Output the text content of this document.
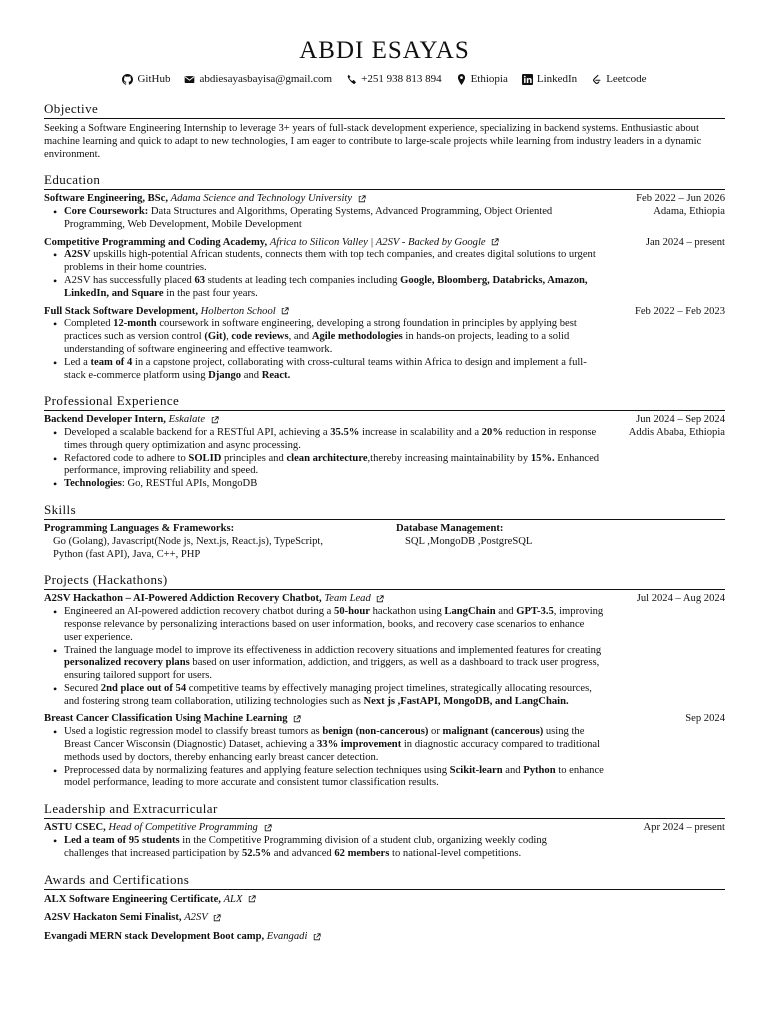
ABDI ESAYAS
GitHub	abdiesayasbayisa@gmail.com	+251 938 813 894	Ethiopia	LinkedIn	Leetcode
Objective
Seeking a Software Engineering Internship to leverage 3+ years of full-stack development experience, specializing in backend systems. Enthusiastic about machine learning and quick to adapt to new technologies, I am eager to contribute to large-scale projects while learning from industry leaders in a dynamic environment.
Education
Software Engineering, BSc, Adama Science and Technology University	Feb 2022 – Jun 2026
Adama, Ethiopia
• Core Coursework: Data Structures and Algorithms, Operating Systems, Advanced Programming, Object Oriented Programming, Web Development, Mobile Development
Competitive Programming and Coding Academy, Africa to Silicon Valley | A2SV - Backed by Google	Jan 2024 – present
• A2SV upskills high-potential African students, connects them with top tech companies, and creates digital solutions to urgent problems in their home countries.
• A2SV has successfully placed 63 students at leading tech companies including Google, Bloomberg, Databricks, Amazon, LinkedIn, and Square in the past four years.
Full Stack Software Development, Holberton School	Feb 2022 – Feb 2023
• Completed 12-month coursework in software engineering, developing a strong foundation in principles by applying best practices such as version control (Git), code reviews, and Agile methodologies in hands-on projects, leading to a solid understanding of software engineering and effective teamwork.
• Led a team of 4 in a capstone project, collaborating with cross-cultural teams within Africa to design and implement a full-stack e-commerce platform using Django and React.
Professional Experience
Backend Developer Intern, Eskalate	Jun 2024 – Sep 2024
Addis Ababa, Ethiopia
• Developed a scalable backend for a RESTful API, achieving a 35.5% increase in scalability and a 20% reduction in response times through query optimization and async processing.
• Refactored code to adhere to SOLID principles and clean architecture,thereby increasing maintainability by 15%. Enhanced performance, improving reliability and speed.
• Technologies: Go, RESTful APIs, MongoDB
Skills
Programming Languages & Frameworks:
Go (Golang), Javascript(Node js, Next.js, React.js), TypeScript,
Python (fast API), Java, C++, PHP
Database Management:
SQL ,MongoDB ,PostgreSQL
Projects (Hackathons)
A2SV Hackathon – AI-Powered Addiction Recovery Chatbot, Team Lead	Jul 2024 – Aug 2024
• Engineered an AI-powered addiction recovery chatbot during a 50-hour hackathon using LangChain and GPT-3.5, improving response relevance by personalizing interactions based on user information, books, and recovery case scenarios to enhance user experience.
• Trained the language model to improve its effectiveness in addiction recovery situations and implemented features for creating personalized recovery plans based on user information, addiction, and triggers, as well as a dashboard to track user progress, ensuring tailored support for users.
• Secured 2nd place out of 54 competitive teams by effectively managing project timelines, strategically allocating resources, and fostering strong team collaboration, utilizing technologies such as Next js ,FastAPI, MongoDB, and LangChain.
Breast Cancer Classification Using Machine Learning	Sep 2024
• Used a logistic regression model to classify breast tumors as benign (non-cancerous) or malignant (cancerous) using the Breast Cancer Wisconsin (Diagnostic) Dataset, achieving a 33% improvement in diagnostic accuracy compared to traditional methods used by doctors, thereby enhancing early breast cancer detection.
• Preprocessed data by normalizing features and applying feature selection techniques using Scikit-learn and Python to enhance model performance, leading to more accurate and consistent tumor classification results.
Leadership and Extracurricular
ASTU CSEC, Head of Competitive Programming	Apr 2024 – present
• Led a team of 95 students in the Competitive Programming division of a student club, organizing weekly coding challenges that increased participation by 52.5% and advanced 62 members to national-level competitions.
Awards and Certifications
ALX Software Engineering Certificate, ALX
A2SV Hackaton Semi Finalist, A2SV
Evangadi MERN stack Development Boot camp, Evangadi
